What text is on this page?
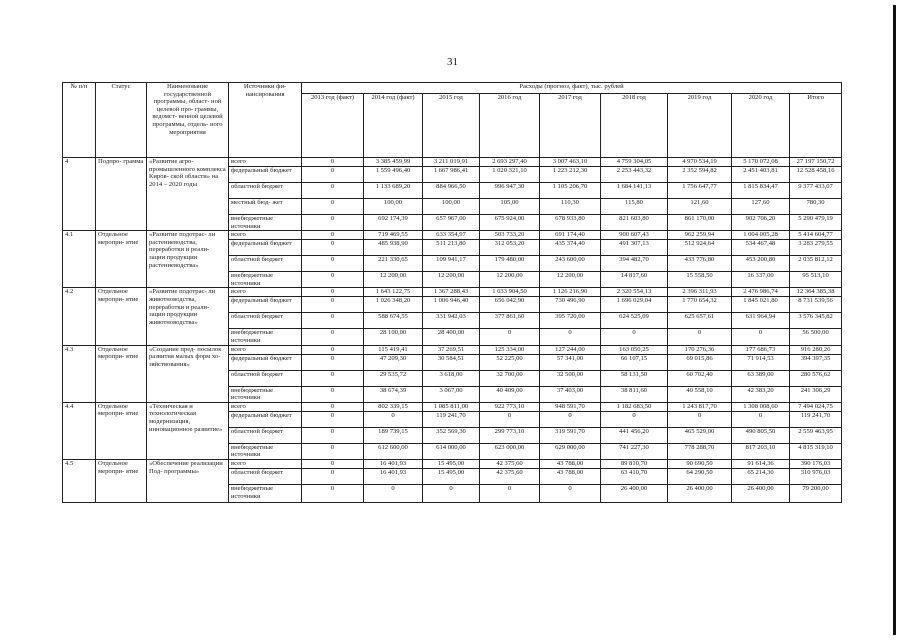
31
№ п/п	Статус	Наименование государственной программы, област- ной целевой про- граммы, ведомст- венной целевой программы, отдель- ного мероприятия	Источники фи- нансирования	Расходы (прогноз, факт), тыс. рублей								
				2013 год (факт)	2014 год (факт)	2015 год	2016 год	2017 год	2018 год	2019 год	2020 год	Итого
4	Подпро- грамма	«Развитие агро- промышленного комплекса Киров- ской области» на 2014 – 2020 годы	всего	0	3 385 459,99	3 211 019,91	2 693 297,40	3 007 463,10	4 759 304,05	4 970 534,19	5 170 072,08	27 197 150,72
			федеральный бюджет	0	1 559 496,40	1 667 986,41	1 020 321,10	1 223 212,30	2 253 443,32	2 352 594,82	2 451 403,81	12 528 458,16
			областной бюджет	0	1 133 689,20	884 966,50	996 947,30	1 105 206,70	1 684 141,13	1 756 647,77	1 815 834,47	9 377 433,07
			местный бюд- жет	0	100,00	100,00	105,00	110,30	115,80	121,60	127,60	780,30
			внебюджетные источники	0	692 174,39	657 967,00	675 924,00	678 933,80	821 603,80	861 170,00	902 706,20	5 290 479,19
4.1	Отдельное меропри- ятие	«Развитие подотрас- ли растениеводства, переработки и реали- зации продукции растениеводства»	всего	0	719 469,55	633 354,97	503 733,20	691 174,40	900 607,43	962 259,94	1 004 005,28	5 414 604,77
			федеральный бюджет	0	485 938,90	511 213,80	312 053,20	435 374,40	491 307,13	512 924,64	534 467,48	3 283 279,55
			областной бюджет	0	221 330,65	109 941,17	179 480,00	243 600,00	394 482,70	433 776,80	453 200,80	2 035 812,12
			внебюджетные источники	0	12 200,00	12 200,00	12 200,00	12 200,00	14 817,60	15 558,50	16 337,00	95 513,10
4.2	Отдельное меропри- ятие	«Развитие подотрас- ли животноводства, переработки и реали- зации продукции животноводства»	всего	0	1 643 122,75	1 367 288,43	1 033 904,50	1 126 216,90	2 320 554,13	2 396 311,93	2 476 986,74	12 364 385,38
			федеральный бюджет	0	1 026 348,20	1 006 946,40	656 042,90	730 496,90	1 696 029,04	1 770 654,32	1 845 021,80	8 731 539,56
			областной бюджет	0	588 674,55	331 942,03	377 861,60	395 720,00	624 525,09	625 657,61	631 964,94	3 576 345,82
			внебюджетные источники	0	28 100,00	28 400,00	0	0	0	0	0	56 500,00
4.3	Отдельное меропри- ятие	«Создание пред- посылок развития малых форм хо- зяйствования»	всего	0	115 419,41	37 269,51	125 334,00	127 244,00	163 050,25	170 276,36	177 686,73	916 280,26
			федеральный бюджет	0	47 209,30	30 584,51	52 225,00	57 341,00	66 107,15	69 015,86	71 914,53	394 397,35
			областной бюджет	0	29 535,72	3 618,00	32 700,00	32 500,00	58 131,50	60 702,40	63 389,00	280 576,62
			внебюджетные источники	0	38 674,39	3 067,00	40 409,00	37 403,00	38 811,60	40 558,10	42 383,20	241 306,29
4.4	Отдельное меропри- ятие	«Техническая и технологическая модернизация, инновационное развитие»	всего	0	802 339,15	1 085 811,00	922 773,10	948 591,70	1 182 683,50	1 243 817,70	1 308 008,60	7 494 024,75
			федеральный бюджет	0	0	119 241,70	0	0	0	0	0	119 241,70
			областной бюджет	0	189 739,15	352 569,30	299 773,10	319 591,70	441 456,20	465 529,00	490 805,50	2 559 463,95
			внебюджетные источники	0	612 600,00	614 000,00	623 000,00	629 000,00	741 227,30	778 288,70	817 203,10	4 815 319,10
4.5	Отдельное меропри- ятие	«Обеспечение реализации Под- программы»	всего	0	16 401,93	15 495,00	42 375,60	43 788,00	89 810,70	90 690,50	91 614,36	390 176,03
			областной бюджет	0	16 401,93	15 495,00	42 375,60	43 788,00	63 410,70	64 290,50	65 214,30	310 976,03
			внебюджетные источники	0	0	0	0	0	26 400,00	26 400,00	26 400,00	79 200,00
